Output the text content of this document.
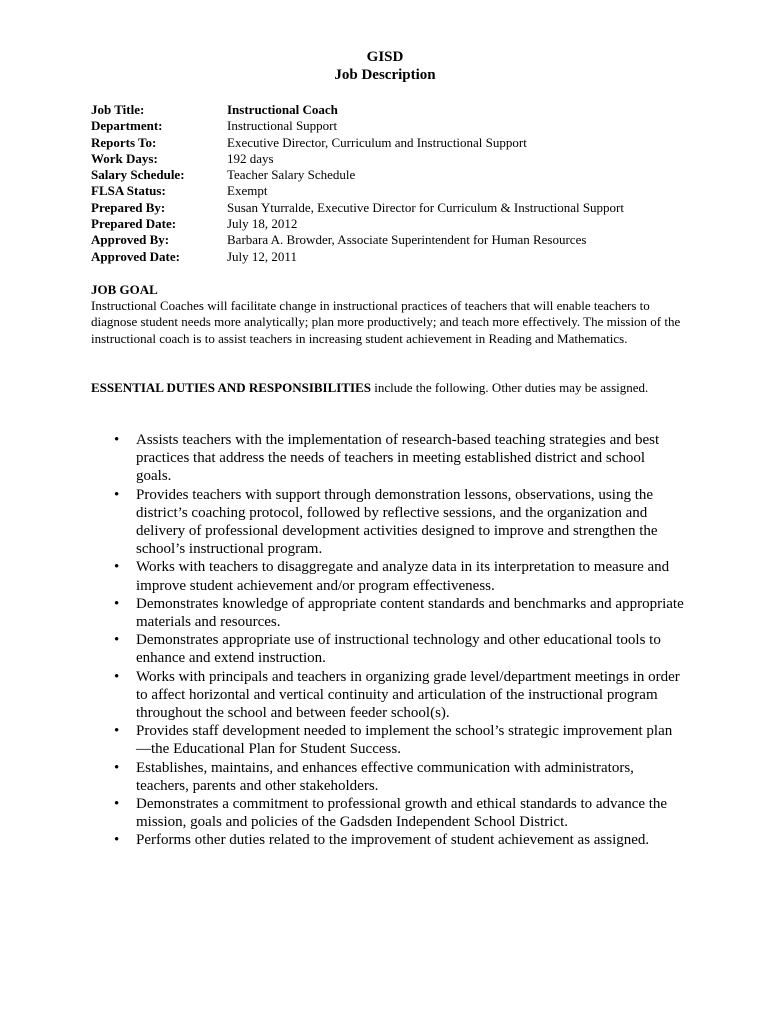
GISD
Job Description
Job Title:	Instructional Coach
Department:	Instructional Support
Reports To:	Executive Director, Curriculum and Instructional Support
Work Days:	192 days
Salary Schedule:	Teacher Salary Schedule
FLSA Status:	Exempt
Prepared By:	Susan Yturralde, Executive Director for Curriculum & Instructional Support
Prepared Date:	July 18, 2012
Approved By:	Barbara A. Browder, Associate Superintendent for Human Resources
Approved Date:	July 12, 2011
JOB GOAL
Instructional Coaches will facilitate change in instructional practices of teachers that will enable teachers to diagnose student needs more analytically; plan more productively; and teach more effectively. The mission of the instructional coach is to assist teachers in increasing student achievement in Reading and Mathematics.
ESSENTIAL DUTIES AND RESPONSIBILITIES include the following. Other duties may be assigned.
• Assists teachers with the implementation of research-based teaching strategies and best practices that address the needs of teachers in meeting established district and school goals.
• Provides teachers with support through demonstration lessons, observations, using the district’s coaching protocol, followed by reflective sessions, and the organization and delivery of professional development activities designed to improve and strengthen the school’s instructional program.
• Works with teachers to disaggregate and analyze data in its interpretation to measure and improve student achievement and/or program effectiveness.
• Demonstrates knowledge of appropriate content standards and benchmarks and appropriate materials and resources.
• Demonstrates appropriate use of instructional technology and other educational tools to enhance and extend instruction.
• Works with principals and teachers in organizing grade level/department meetings in order to affect horizontal and vertical continuity and articulation of the instructional program throughout the school and between feeder school(s).
• Provides staff development needed to implement the school’s strategic improvement plan—the Educational Plan for Student Success.
• Establishes, maintains, and enhances effective communication with administrators, teachers, parents and other stakeholders.
• Demonstrates a commitment to professional growth and ethical standards to advance the mission, goals and policies of the Gadsden Independent School District.
• Performs other duties related to the improvement of student achievement as assigned.
